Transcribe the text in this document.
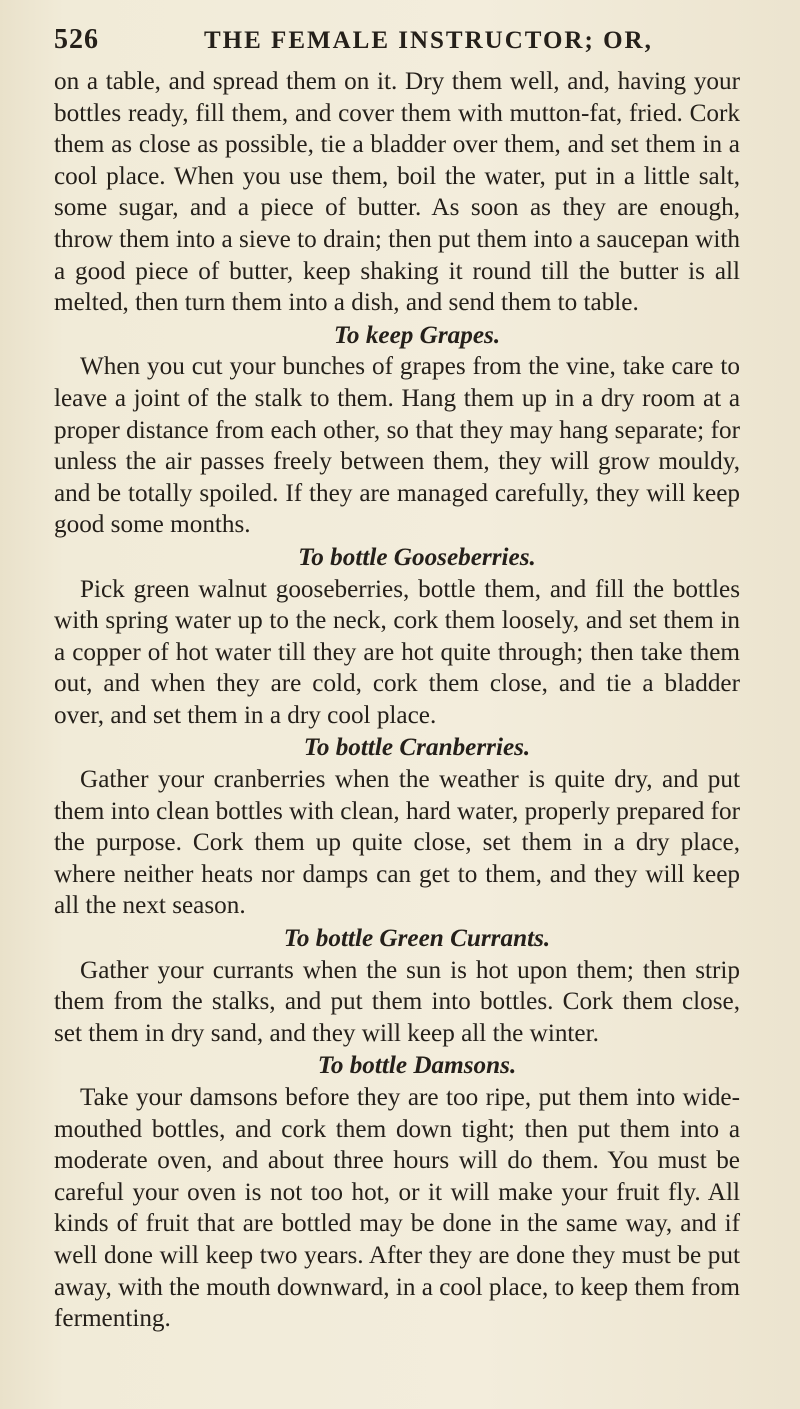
526	THE FEMALE INSTRUCTOR; OR,

on a table, and spread them on it. Dry them well, and, having your bottles ready, fill them, and cover them with mutton-fat, fried. Cork them as close as possible, tie a bladder over them, and set them in a cool place. When you use them, boil the water, put in a little salt, some sugar, and a piece of butter. As soon as they are enough, throw them into a sieve to drain; then put them into a saucepan with a good piece of butter, keep shaking it round till the butter is all melted, then turn them into a dish, and send them to table.

To keep Grapes.

When you cut your bunches of grapes from the vine, take care to leave a joint of the stalk to them. Hang them up in a dry room at a proper distance from each other, so that they may hang separate; for unless the air passes freely between them, they will grow mouldy, and be totally spoiled. If they are managed carefully, they will keep good some months.

To bottle Gooseberries.

Pick green walnut gooseberries, bottle them, and fill the bottles with spring water up to the neck, cork them loosely, and set them in a copper of hot water till they are hot quite through; then take them out, and when they are cold, cork them close, and tie a bladder over, and set them in a dry cool place.

To bottle Cranberries.

Gather your cranberries when the weather is quite dry, and put them into clean bottles with clean, hard water, properly prepared for the purpose. Cork them up quite close, set them in a dry place, where neither heats nor damps can get to them, and they will keep all the next season.

To bottle Green Currants.

Gather your currants when the sun is hot upon them; then strip them from the stalks, and put them into bottles. Cork them close, set them in dry sand, and they will keep all the winter.

To bottle Damsons.

Take your damsons before they are too ripe, put them into wide-mouthed bottles, and cork them down tight; then put them into a moderate oven, and about three hours will do them. You must be careful your oven is not too hot, or it will make your fruit fly. All kinds of fruit that are bottled may be done in the same way, and if well done will keep two years. After they are done they must be put away, with the mouth downward, in a cool place, to keep them from fermenting.
